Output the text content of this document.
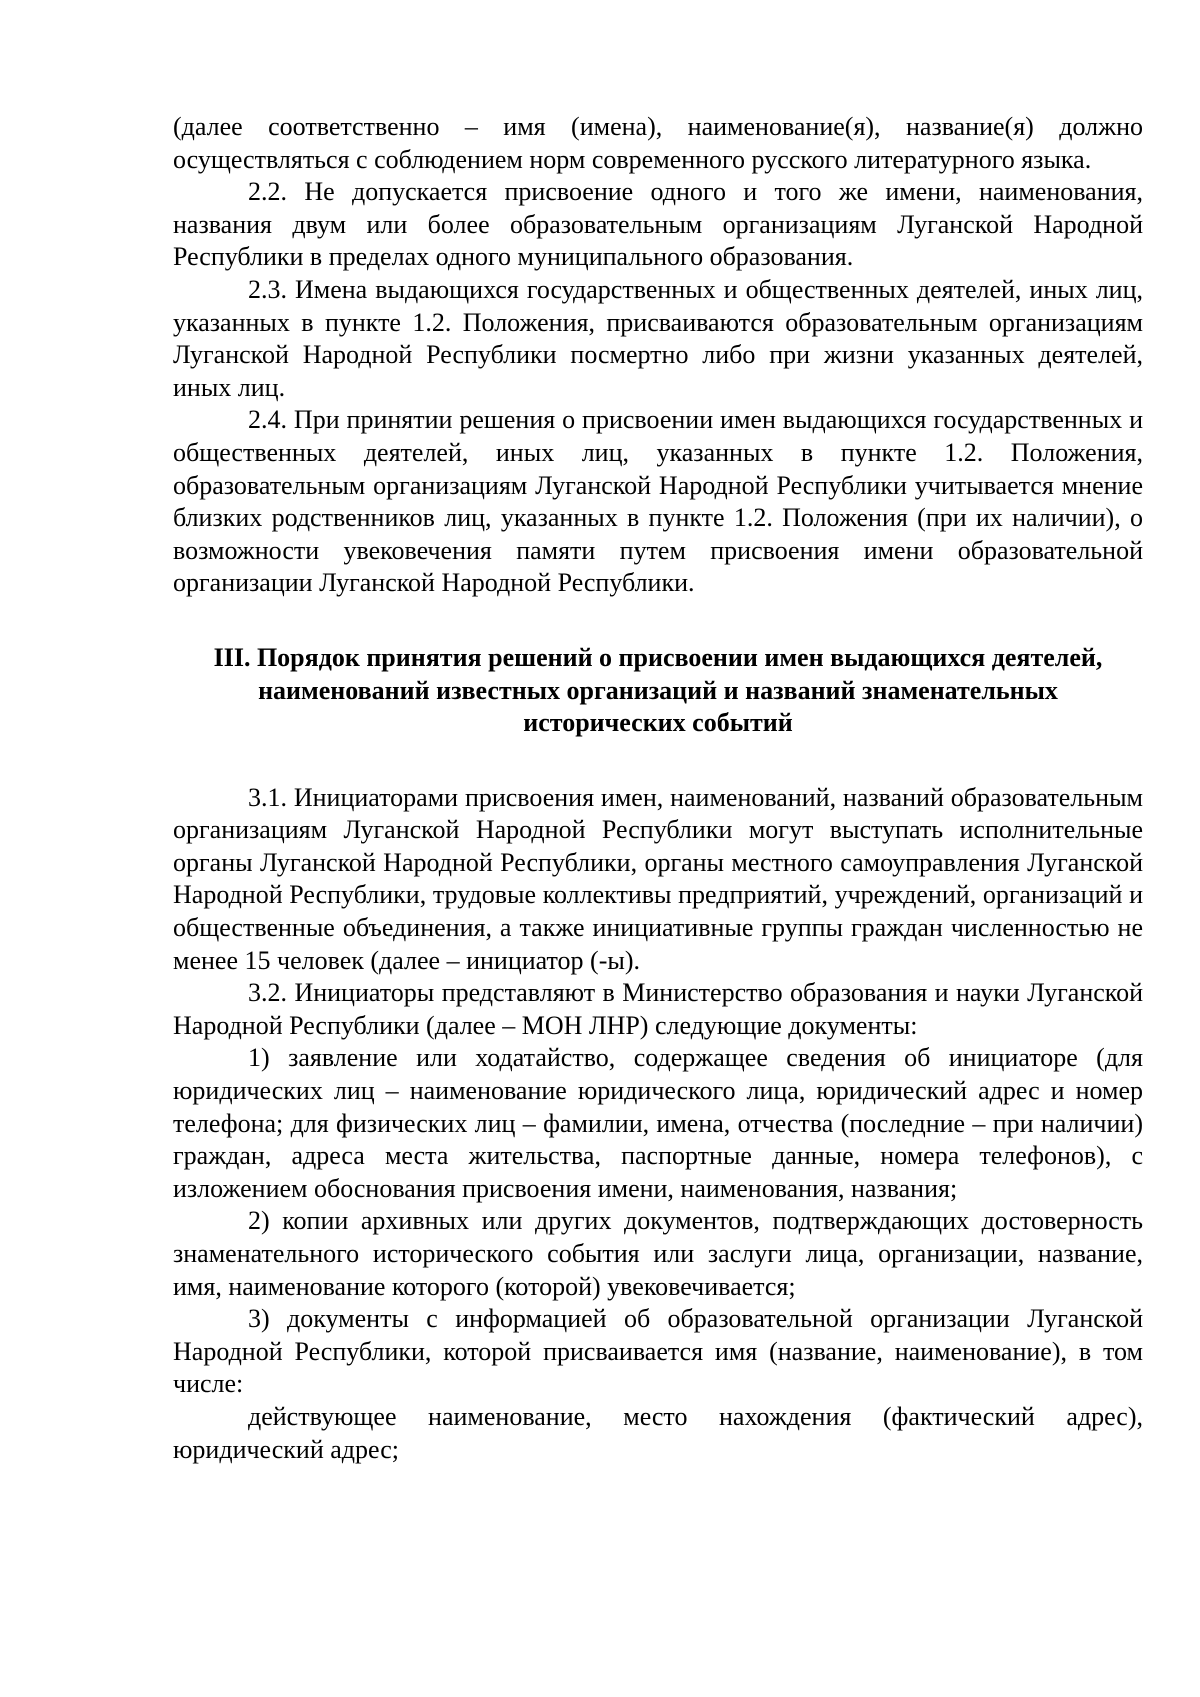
(далее соответственно – имя (имена), наименование(я), название(я) должно осуществляться с соблюдением норм современного русского литературного языка.

2.2. Не допускается присвоение одного и того же имени, наименования, названия двум или более образовательным организациям Луганской Народной Республики в пределах одного муниципального образования.

2.3. Имена выдающихся государственных и общественных деятелей, иных лиц, указанных в пункте 1.2. Положения, присваиваются образовательным организациям Луганской Народной Республики посмертно либо при жизни указанных деятелей, иных лиц.

2.4. При принятии решения о присвоении имен выдающихся государственных и общественных деятелей, иных лиц, указанных в пункте 1.2. Положения, образовательным организациям Луганской Народной Республики учитывается мнение близких родственников лиц, указанных в пункте 1.2. Положения (при их наличии), о возможности увековечения памяти путем присвоения имени образовательной организации Луганской Народной Республики.

III. Порядок принятия решений о присвоении имен выдающихся деятелей, наименований известных организаций и названий знаменательных исторических событий

3.1. Инициаторами присвоения имен, наименований, названий образовательным организациям Луганской Народной Республики могут выступать исполнительные органы Луганской Народной Республики, органы местного самоуправления Луганской Народной Республики, трудовые коллективы предприятий, учреждений, организаций и общественные объединения, а также инициативные группы граждан численностью не менее 15 человек (далее – инициатор (-ы).

3.2. Инициаторы представляют в Министерство образования и науки Луганской Народной Республики (далее – МОН ЛНР) следующие документы:

1) заявление или ходатайство, содержащее сведения об инициаторе (для юридических лиц – наименование юридического лица, юридический адрес и номер телефона; для физических лиц – фамилии, имена, отчества (последние – при наличии) граждан, адреса места жительства, паспортные данные, номера телефонов), с изложением обоснования присвоения имени, наименования, названия;

2) копии архивных или других документов, подтверждающих достоверность знаменательного исторического события или заслуги лица, организации, название, имя, наименование которого (которой) увековечивается;

3) документы с информацией об образовательной организации Луганской Народной Республики, которой присваивается имя (название, наименование), в том числе:

действующее наименование, место нахождения (фактический адрес), юридический адрес;
